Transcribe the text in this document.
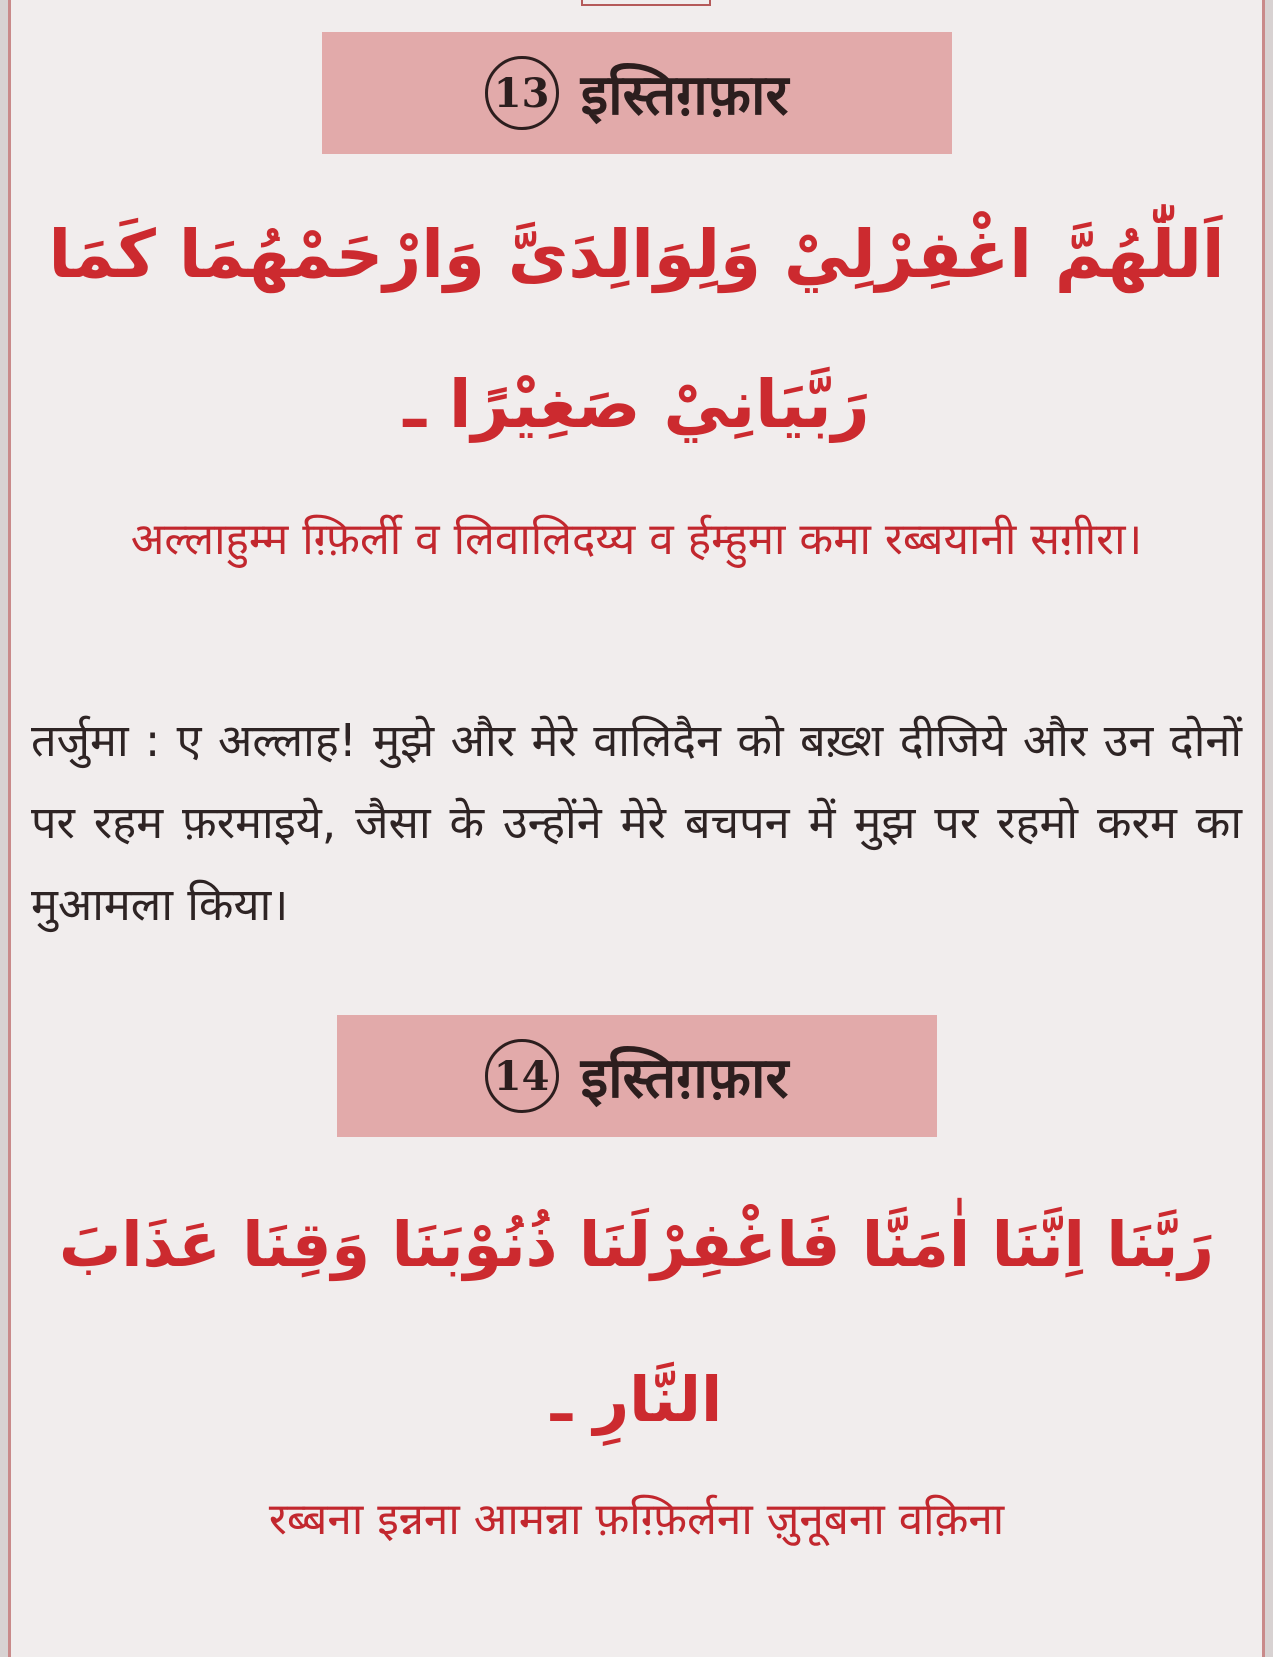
13 इस्तिग़फ़ार
اَللّٰهُمَّ اغْفِرْلِيْ وَلِوَالِدَىَّ وَارْحَمْهُمَا كَمَا
رَبَّيَانِيْ صَغِيْرًا ـ
अल्लाहुम्म ग़्फ़िर्ली व लिवालिदय्य व र्हम्हुमा कमा रब्बयानी सग़ीरा।
तर्जुमा : ए अल्लाह! मुझे और मेरे वालिदैन को बख़्श दीजिये और उन दोनों पर रहम फ़रमाइये, जैसा के उन्होंने मेरे बचपन में मुझ पर रहमो करम का मुआमला किया।
14 इस्तिग़फ़ार
رَبَّنَا اِنَّنَا اٰمَنَّا فَاغْفِرْلَنَا ذُنُوْبَنَا وَقِنَا عَذَابَ
النَّارِ ـ
रब्बना इन्नना आमन्ना फ़ग़्फ़िर्लना ज़ुनूबना वक़िना
